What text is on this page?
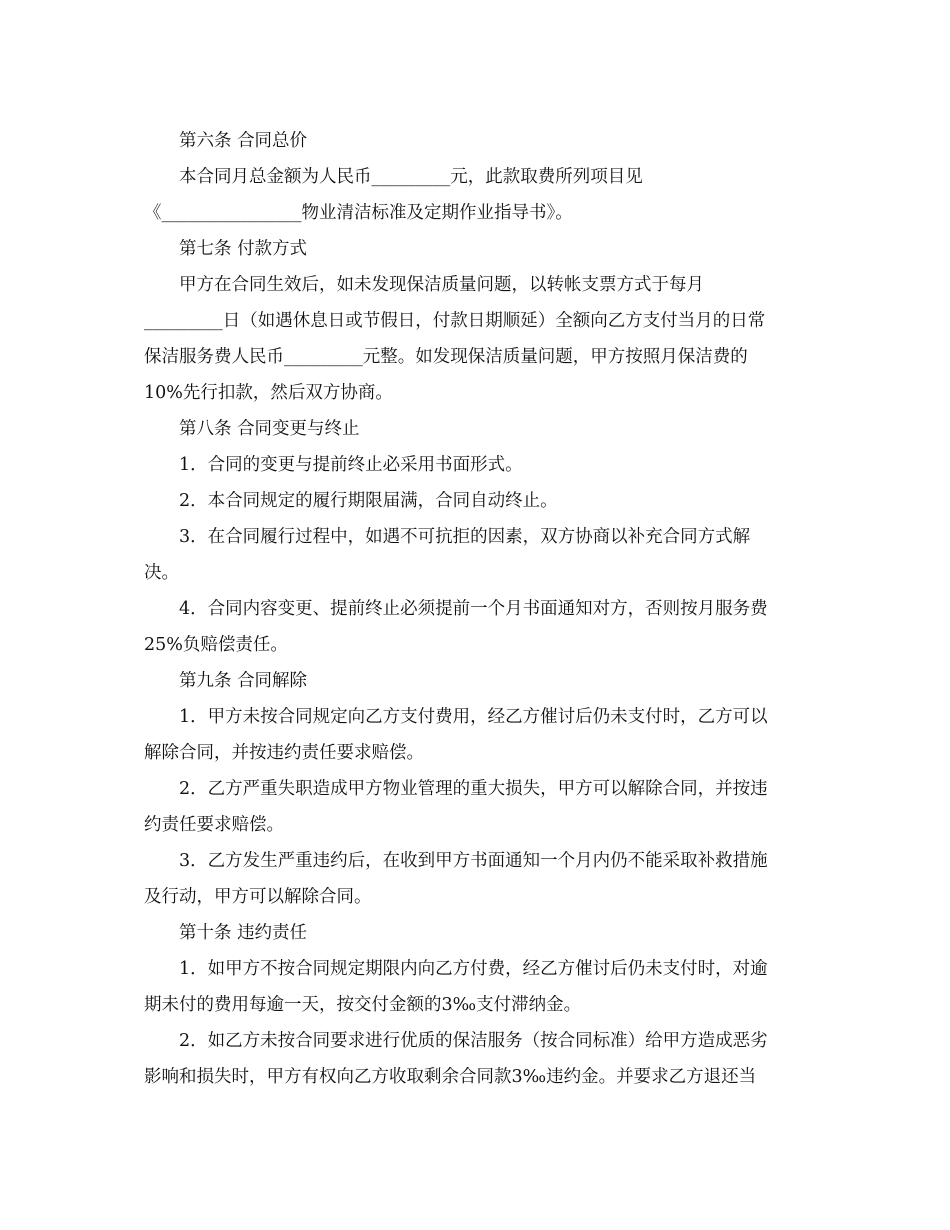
第六条 合同总价
本合同月总金额为人民币_________元，此款取费所列项目见
《________________物业清洁标准及定期作业指导书》。
第七条 付款方式
甲方在合同生效后，如未发现保洁质量问题，以转帐支票方式于每月
_________日（如遇休息日或节假日，付款日期顺延）全额向乙方支付当月的日常
保洁服务费人民币_________元整。如发现保洁质量问题，甲方按照月保洁费的
10%先行扣款，然后双方协商。
第八条 合同变更与终止
1．合同的变更与提前终止必采用书面形式。
2．本合同规定的履行期限届满，合同自动终止。
3．在合同履行过程中，如遇不可抗拒的因素，双方协商以补充合同方式解
决。
4．合同内容变更、提前终止必须提前一个月书面通知对方，否则按月服务费
25%负赔偿责任。
第九条 合同解除
1．甲方未按合同规定向乙方支付费用，经乙方催讨后仍未支付时，乙方可以
解除合同，并按违约责任要求赔偿。
2．乙方严重失职造成甲方物业管理的重大损失，甲方可以解除合同，并按违
约责任要求赔偿。
3．乙方发生严重违约后，在收到甲方书面通知一个月内仍不能采取补救措施
及行动，甲方可以解除合同。
第十条 违约责任
1．如甲方不按合同规定期限内向乙方付费，经乙方催讨后仍未支付时，对逾
期未付的费用每逾一天，按交付金额的3‰支付滞纳金。
2．如乙方未按合同要求进行优质的保洁服务（按合同标准）给甲方造成恶劣
影响和损失时，甲方有权向乙方收取剩余合同款3‰违约金。并要求乙方退还当
